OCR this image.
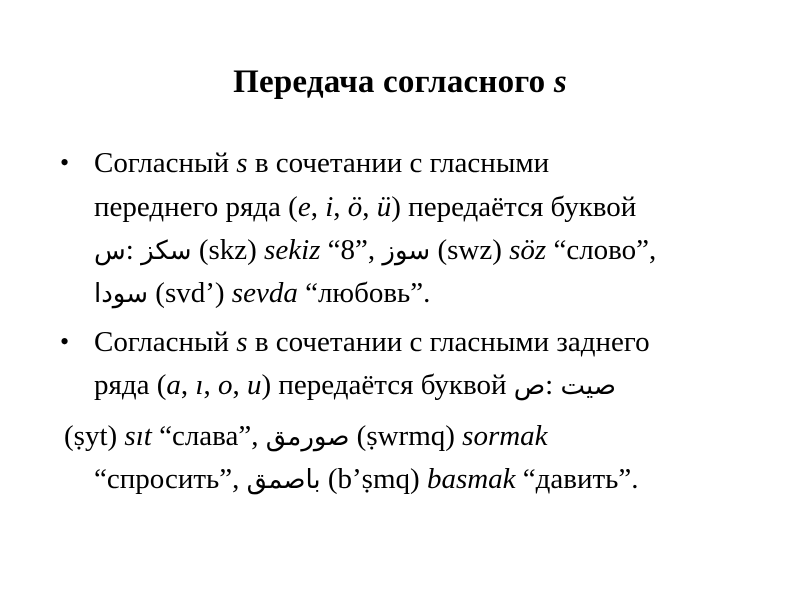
Передача согласного s
• Согласный s в сочетании с гласными
переднего ряда (e, i, ö, ü) передаётся буквой
س: سكز (skz) sekiz “8”, سوز (swz) söz “слово”,
سودا (svd’) sevda “любовь”.
• Согласный s в сочетании с гласными заднего
ряда (a, ı, o, u) передаётся буквой ص: صيت
(ṣyt) sıt “слава”, صورمق (ṣwrmq) sormak
“спросить”, باصمق (b’ṣmq) basmak “давить”.
